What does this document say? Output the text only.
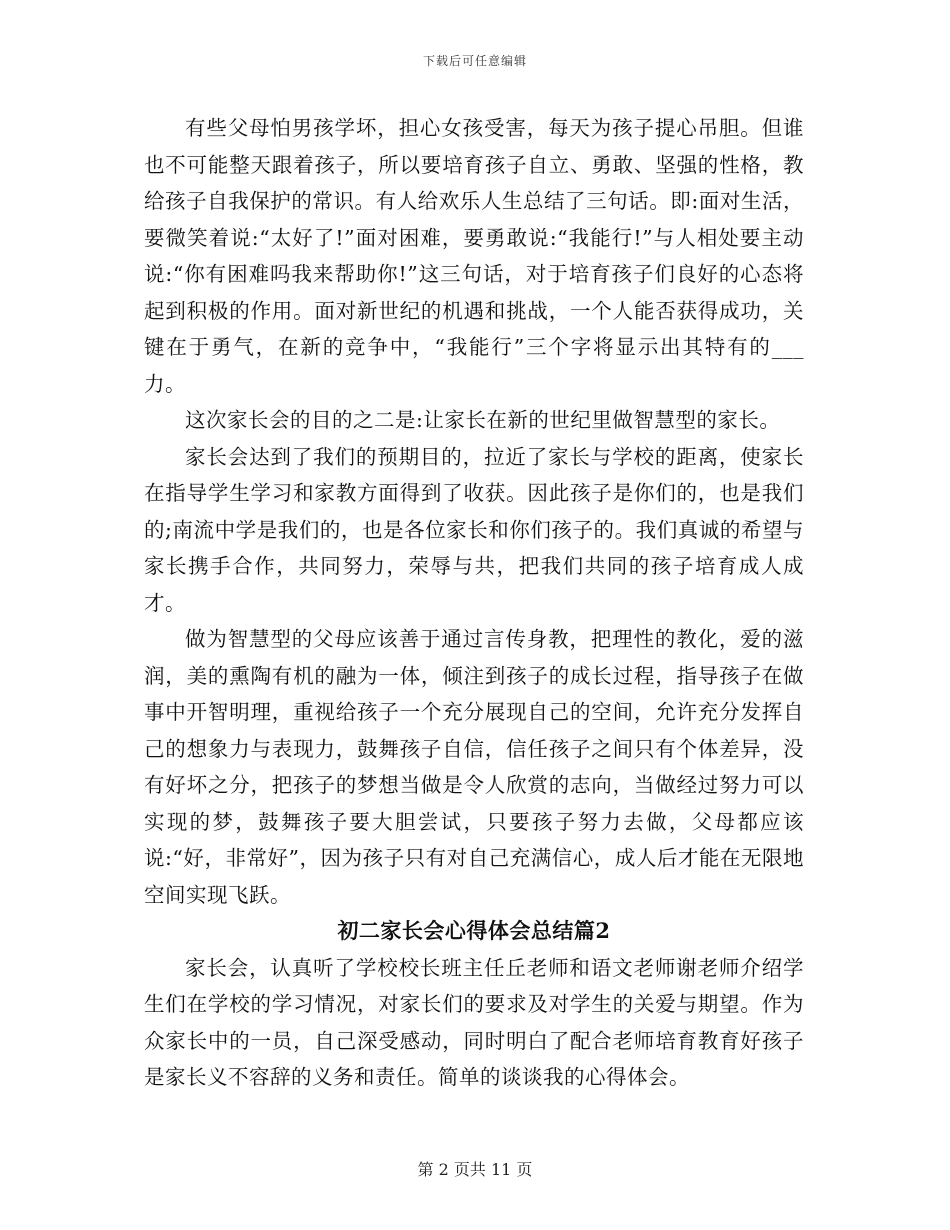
下载后可任意编辑

有些父母怕男孩学坏，担心女孩受害，每天为孩子提心吊胆。但谁也不可能整天跟着孩子，所以要培育孩子自立、勇敢、坚强的性格，教给孩子自我保护的常识。有人给欢乐人生总结了三句话。即:面对生活，要微笑着说:“太好了!”面对困难，要勇敢说:“我能行!”与人相处要主动说:“你有困难吗我来帮助你!”这三句话，对于培育孩子们良好的心态将起到积极的作用。面对新世纪的机遇和挑战，一个人能否获得成功，关键在于勇气，在新的竞争中，“我能行”三个字将显示出其特有的___力。

这次家长会的目的之二是:让家长在新的世纪里做智慧型的家长。

家长会达到了我们的预期目的，拉近了家长与学校的距离，使家长在指导学生学习和家教方面得到了收获。因此孩子是你们的，也是我们的;南流中学是我们的，也是各位家长和你们孩子的。我们真诚的希望与家长携手合作，共同努力，荣辱与共，把我们共同的孩子培育成人成才。

做为智慧型的父母应该善于通过言传身教，把理性的教化，爱的滋润，美的熏陶有机的融为一体，倾注到孩子的成长过程，指导孩子在做事中开智明理，重视给孩子一个充分展现自己的空间，允许充分发挥自己的想象力与表现力，鼓舞孩子自信，信任孩子之间只有个体差异，没有好坏之分，把孩子的梦想当做是令人欣赏的志向，当做经过努力可以实现的梦，鼓舞孩子要大胆尝试，只要孩子努力去做，父母都应该说:“好，非常好”，因为孩子只有对自己充满信心，成人后才能在无限地空间实现飞跃。

初二家长会心得体会总结篇2

家长会，认真听了学校校长班主任丘老师和语文老师谢老师介绍学生们在学校的学习情况，对家长们的要求及对学生的关爱与期望。作为众家长中的一员，自己深受感动，同时明白了配合老师培育教育好孩子是家长义不容辞的义务和责任。简单的谈谈我的心得体会。

第 2 页共 11 页
